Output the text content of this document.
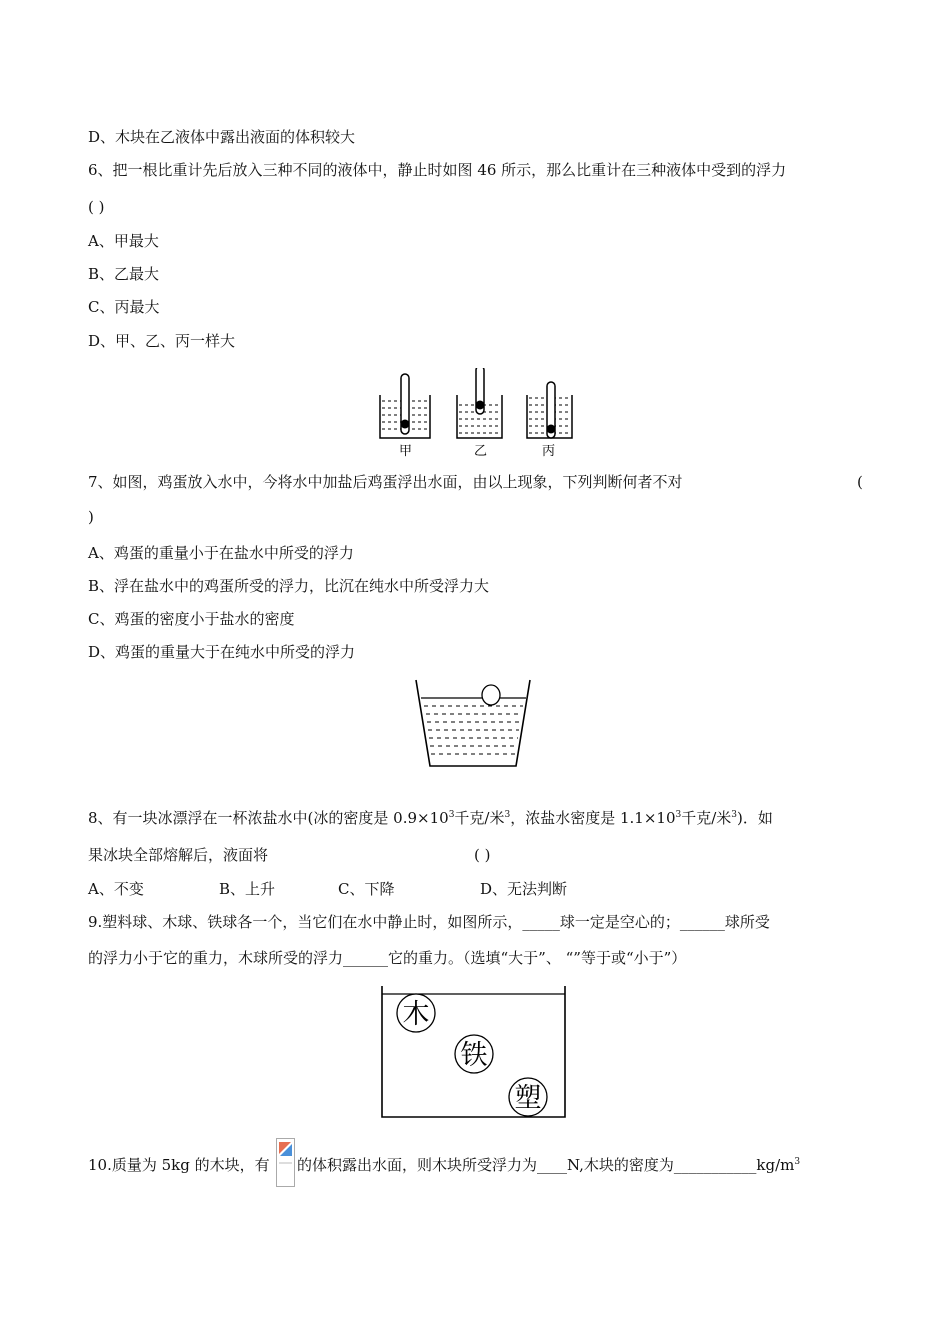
D、木块在乙液体中露出液面的体积较大
6、把一根比重计先后放入三种不同的液体中，静止时如图 46 所示，那么比重计在三种液体中受到的浮力
( )
A、甲最大
B、乙最大
C、丙最大
D、甲、乙、丙一样大
甲	乙	丙
7、如图，鸡蛋放入水中，今将水中加盐后鸡蛋浮出水面，由以上现象，下列判断何者不对	(
)
A、鸡蛋的重量小于在盐水中所受的浮力
B、浮在盐水中的鸡蛋所受的浮力，比沉在纯水中所受浮力大
C、鸡蛋的密度小于盐水的密度
D、鸡蛋的重量大于在纯水中所受的浮力
8、有一块冰漂浮在一杯浓盐水中(冰的密度是 $0.9\times 10^3$千克/米$^3$，浓盐水密度是 $1.1\times 10^3$千克/米$^3$)．如
果冰块全部熔解后，液面将	( )
A、不变	B、上升	C、下降	D、无法判断
9.塑料球、木球、铁球各一个，当它们在水中静止时，如图所示，_____球一定是空心的；______球所受
的浮力小于它的重力，木球所受的浮力______它的重力。（选填“大于”、 “”等于或“小于”）
木
铁
塑
10.质量为 5kg 的木块，有 的体积露出水面，则木块所受浮力为____N,木块的密度为$\_\_\_\_\_\_\_\_\_\_\_kg/m^3$
